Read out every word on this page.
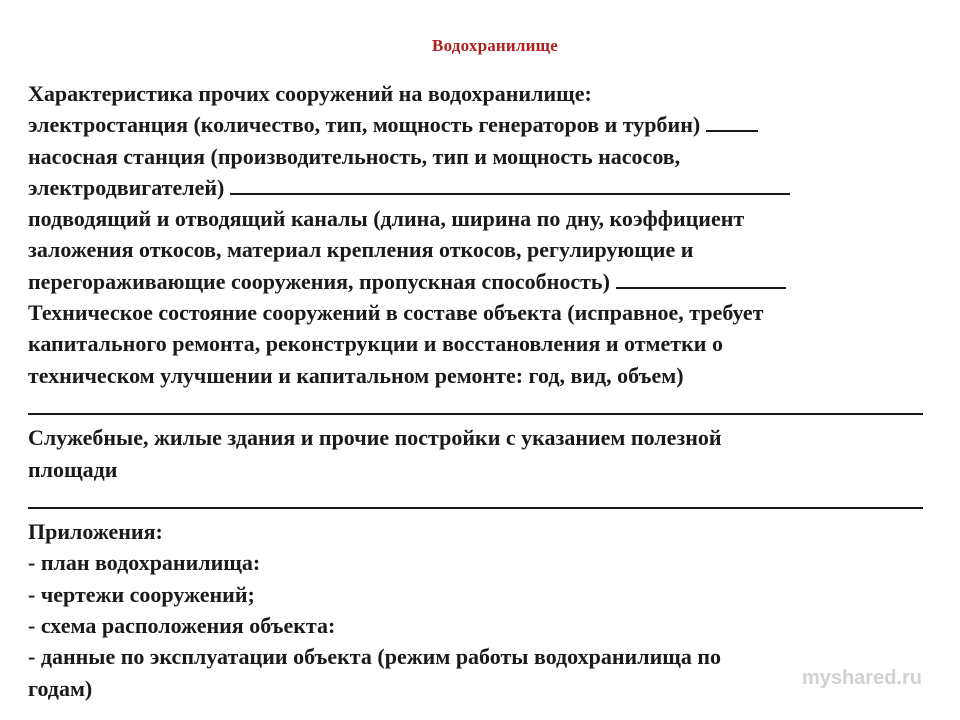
Водохранилище
Характеристика прочих сооружений на водохранилище:
электростанция (количество, тип, мощность генераторов и турбин)
насосная станция (производительность, тип и мощность насосов,
электродвигателей)
подводящий и отводящий каналы (длина, ширина по дну, коэффициент
заложения откосов, материал крепления откосов, регулирующие и
перегораживающие сооружения, пропускная способность)
Техническое состояние сооружений в составе объекта (исправное, требует
капитального ремонта, реконструкции и восстановления и отметки о
техническом улучшении и капитальном ремонте: год, вид, объем)
Служебные, жилые здания и прочие постройки с указанием полезной
площади
Приложения:
- план водохранилища:
- чертежи сооружений;
- схема расположения объекта:
- данные по эксплуатации объекта (режим работы водохранилища по
годам)	myshared.ru
